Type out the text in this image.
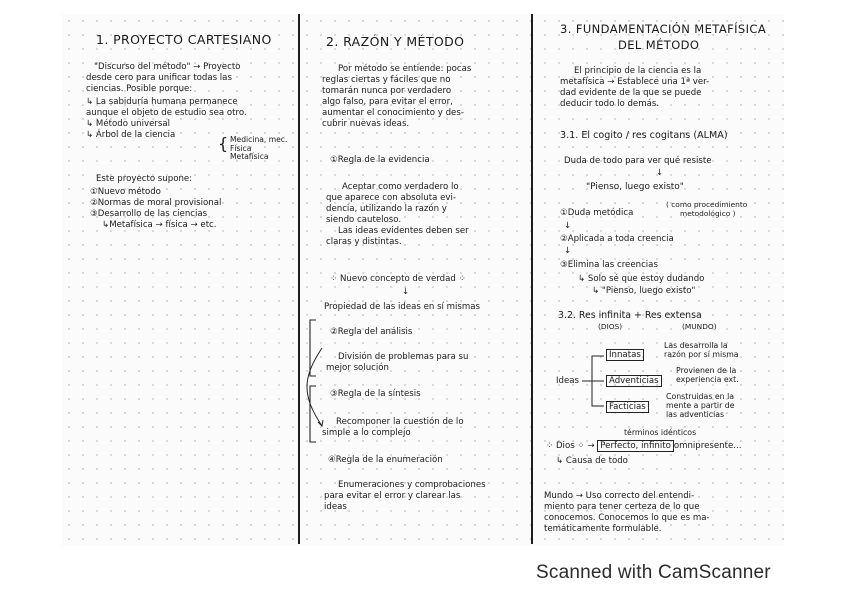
1. PROYECTO CARTESIANO

"Discurso del método" → Proyecto

desde cero para unificar todas las

ciencias. Posible porque:

↳ La sabiduría humana permanece

aunque el objeto de estudio sea otro.

↳ Método universal

↳ Árbol de la ciencia	{ Medicina, mec.

Física

Metafísica

Este proyecto supone:

①Nuevo método

②Normas de moral provisional

③Desarrollo de las ciencias

↳Metafísica → física → etc.

2. RAZÓN Y MÉTODO

Por método se entiende: pocas

reglas ciertas y fáciles que no

tomarán nunca por verdadero

algo falso, para evitar el error,

aumentar el conocimiento y des-

cubrir nuevas ideas.

①Regla de la evidencia

Aceptar como verdadero lo

que aparece con absoluta evi-

dencia, utilizando la razón y

siendo cauteloso.

Las ideas evidentes deben ser

claras y distintas.

⁘ Nuevo concepto de verdad ⁘
↓
Propiedad de las ideas en sí mismas
②Regla del análisis

División de problemas para su

mejor solución

③Regla de la síntesis

Recomponer la cuestión de lo

simple a lo complejo

④Regla de la enumeración

Enumeraciones y comprobaciones

para evitar el error y clarear las

ideas

3. FUNDAMENTACIÓN METAFÍSICA
DEL MÉTODO

El principio de la ciencia es la

metafísica → Establece una 1ª ver-

dad evidente de la que se puede

deducir todo lo demás.

3.1. El cogito / res cogitans (ALMA)
Duda de todo para ver qué resiste
↓
"Pienso, luego existo"
①Duda metódica

( como procedimiento

metodológico )

↓
②Aplicada a toda creencia
↓
③Elimina las creencias
↳ Solo sé que estoy dudando
↳ "Pienso, luego existo"
3.2. Res infinita + Res extensa
(DIOS)	(MUNDO)
Ideas
Innatas

Las desarrolla la

razón por sí misma

Adventicias

Provienen de la

experiencia ext.

Facticias

Construidas en la

mente a partir de

las adventicias

términos idénticos
⁘ Dios ⁘ → Perfecto, infinito omnipresente...
↳ Causa de todo

Mundo → Uso correcto del entendi-

miento para tener certeza de lo que

conocemos. Conocemos lo que es ma-

temáticamente formulable.

Scanned with CamScanner
